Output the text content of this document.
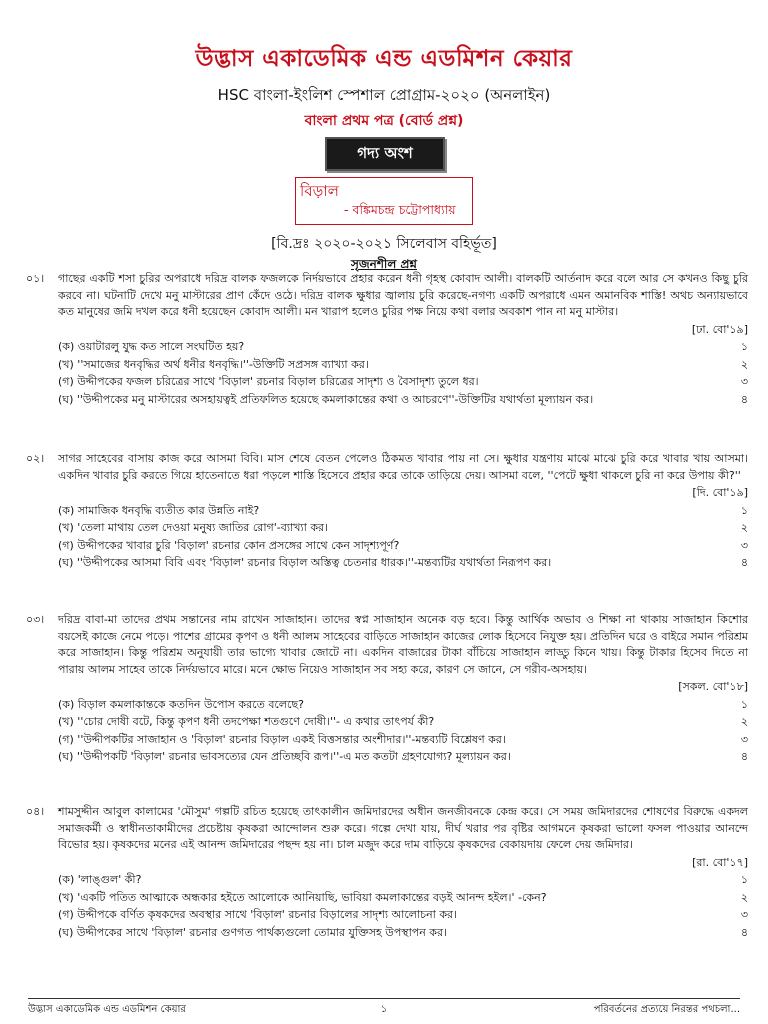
উদ্ভাস একাডেমিক এন্ড এডমিশন কেয়ার
HSC বাংলা-ইংলিশ স্পেশাল প্রোগ্রাম-২০২০ (অনলাইন)
বাংলা প্রথম পত্র (বোর্ড প্রশ্ন)
গদ্য অংশ
বিড়াল
- বঙ্কিমচন্দ্র চট্টোপাধ্যায়
[বি.দ্রঃ ২০২০-২০২১ সিলেবাস বহির্ভূত]
সৃজনশীল প্রশ্ন
০১।	গাছের একটি শসা চুরির অপরাধে দরিদ্র বালক ফজলকে নির্দয়ভাবে প্রহার করেন ধনী গৃহস্থ কোবাদ আলী। বালকটি আর্তনাদ করে বলে আর সে কখনও কিছু চুরি করবে না। ঘটনাটি দেখে মনু মাস্টারের প্রাণ কেঁদে ওঠে। দরিদ্র বালক ক্ষুধার জ্বালায় চুরি করেছে-নগণ্য একটি অপরাধে এমন অমানবিক শাস্তি! অথচ অন্যায়ভাবে কত মানুষের জমি দখল করে ধনী হয়েছেন কোবাদ আলী। মন খারাপ হলেও চুরির পক্ষ নিয়ে কথা বলার অবকাশ পান না মনু মাস্টার।
[ঢা. বো'১৯]
(ক) ওয়াটারলু যুদ্ধ কত সালে সংঘটিত হয়?	১
(খ) ''সমাজের ধনবৃদ্ধির অর্থ ধনীর ধনবৃদ্ধি।''-উক্তিটি সপ্রসঙ্গ ব্যাখ্যা কর।	২
(গ) উদ্দীপকের ফজল চরিত্রের সাথে 'বিড়াল' রচনার বিড়াল চরিত্রের সাদৃশ্য ও বৈসাদৃশ্য তুলে ধর।	৩
(ঘ) ''উদ্দীপকের মনু মাস্টারের অসহায়ত্বই প্রতিফলিত হয়েছে কমলাকান্তের কথা ও আচরণে''-উক্তিটির যথার্থতা মূল্যায়ন কর।	৪
০২।	সাগর সাহেবের বাসায় কাজ করে আসমা বিবি। মাস শেষে বেতন পেলেও ঠিকমত খাবার পায় না সে। ক্ষুধার যন্ত্রণায় মাঝে মাঝে চুরি করে খাবার খায় আসমা। একদিন খাবার চুরি করতে গিয়ে হাতেনাতে ধরা পড়লে শাস্তি হিসেবে প্রহার করে তাকে তাড়িয়ে দেয়। আসমা বলে, ''পেটে ক্ষুধা থাকলে চুরি না করে উপায় কী?''
[দি. বো'১৯]
(ক) সামাজিক ধনবৃদ্ধি ব্যতীত কার উন্নতি নাই?	১
(খ) 'তেলা মাথায় তেল দেওয়া মনুষ্য জাতির রোগ'-ব্যাখ্যা কর।	২
(গ) উদ্দীপকের খাবার চুরি 'বিড়াল' রচনার কোন প্রসঙ্গের সাথে কেন সাদৃশ্যপূর্ণ?	৩
(ঘ) ''উদ্দীপকের আসমা বিবি এবং 'বিড়াল' রচনার বিড়াল অস্তিত্ব চেতনার ধারক।''-মন্তব্যটির যথার্থতা নিরূপণ কর।	৪
০৩।	দরিদ্র বাবা-মা তাদের প্রথম সন্তানের নাম রাখেন সাজাহান। তাদের স্বপ্ন সাজাহান অনেক বড় হবে। কিন্তু আর্থিক অভাব ও শিক্ষা না থাকায় সাজাহান কিশোর বয়সেই কাজে নেমে পড়ে। পাশের গ্রামের কৃপণ ও ধনী আলম সাহেবের বাড়িতে সাজাহান কাজের লোক হিসেবে নিযুক্ত হয়। প্রতিদিন ঘরে ও বাইরে সমান পরিশ্রম করে সাজাহান। কিন্তু পরিশ্রম অনুযায়ী তার ভাগ্যে খাবার জোটে না। একদিন বাজারের টাকা বাঁচিয়ে সাজাহান লাড্ডু কিনে খায়। কিন্তু টাকার হিসেব দিতে না পারায় আলম সাহেব তাকে নির্দয়ভাবে মারে। মনে ক্ষোভ নিয়েও সাজাহান সব সহ্য করে, কারণ সে জানে, সে গরীব-অসহায়।
[সকল. বো'১৮]
(ক) বিড়াল কমলাকান্তকে কতদিন উপোস করতে বলেছে?	১
(খ) ''চোর দোষী বটে, কিন্তু কৃপণ ধনী তদপেক্ষা শতগুণে দোষী।''- এ কথার তাৎপর্য কী?	২
(গ) ''উদ্দীপকটির সাজাহান ও 'বিড়াল' রচনার বিড়াল একই বিত্তসন্তার অংশীদার।''-মন্তব্যটি বিশ্লেষণ কর।	৩
(ঘ) ''উদ্দীপকটি 'বিড়াল' রচনার ভাবসত্যের যেন প্রতিচ্ছবি রূপ।''-এ মত কতটা গ্রহণযোগ্য? মূল্যায়ন কর।	৪
০৪।	শামসুদ্দীন আবুল কালামের 'মৌসুম' গল্পটি রচিত হয়েছে তাৎকালীন জমিদারদের অধীন জনজীবনকে কেন্দ্র করে। সে সময় জমিদারদের শোষণের বিরুদ্ধে একদল সমাজকর্মী ও স্বাধীনতাকামীদের প্রচেষ্টায় কৃষকরা আন্দোলন শুরু করে। গল্পে দেখা যায়, দীর্ঘ খরার পর বৃষ্টির আগমনে কৃষকরা ভালো ফসল পাওয়ার আনন্দে বিভোর হয়। কৃষকদের মনের এই আনন্দ জমিদারের পছন্দ হয় না। চাল মজুদ করে দাম বাড়িয়ে কৃষকদের বেকায়দায় ফেলে দেয় জমিদার।
[রা. বো'১৭]
(ক) 'লাঙ্গুল' কী?	১
(খ) 'একটি পতিত আত্মাকে অন্ধকার হইতে আলোকে আনিয়াছি, ভাবিয়া কমলাকান্তের বড়ই আনন্দ হইল।' -কেন?	২
(গ) উদ্দীপকে বর্ণিত কৃষকদের অবস্থার সাথে 'বিড়াল' রচনার বিড়ালের সাদৃশ্য আলোচনা কর।	৩
(ঘ) উদ্দীপকের সাথে 'বিড়াল' রচনার গুণগত পার্থক্যগুলো তোমার যুক্তিসহ উপস্থাপন কর।	৪
উদ্ভাস একাডেমিক এন্ড এডমিশন কেয়ার	১	পরিবর্তনের প্রত্যয়ে নিরন্তর পথচলা...
